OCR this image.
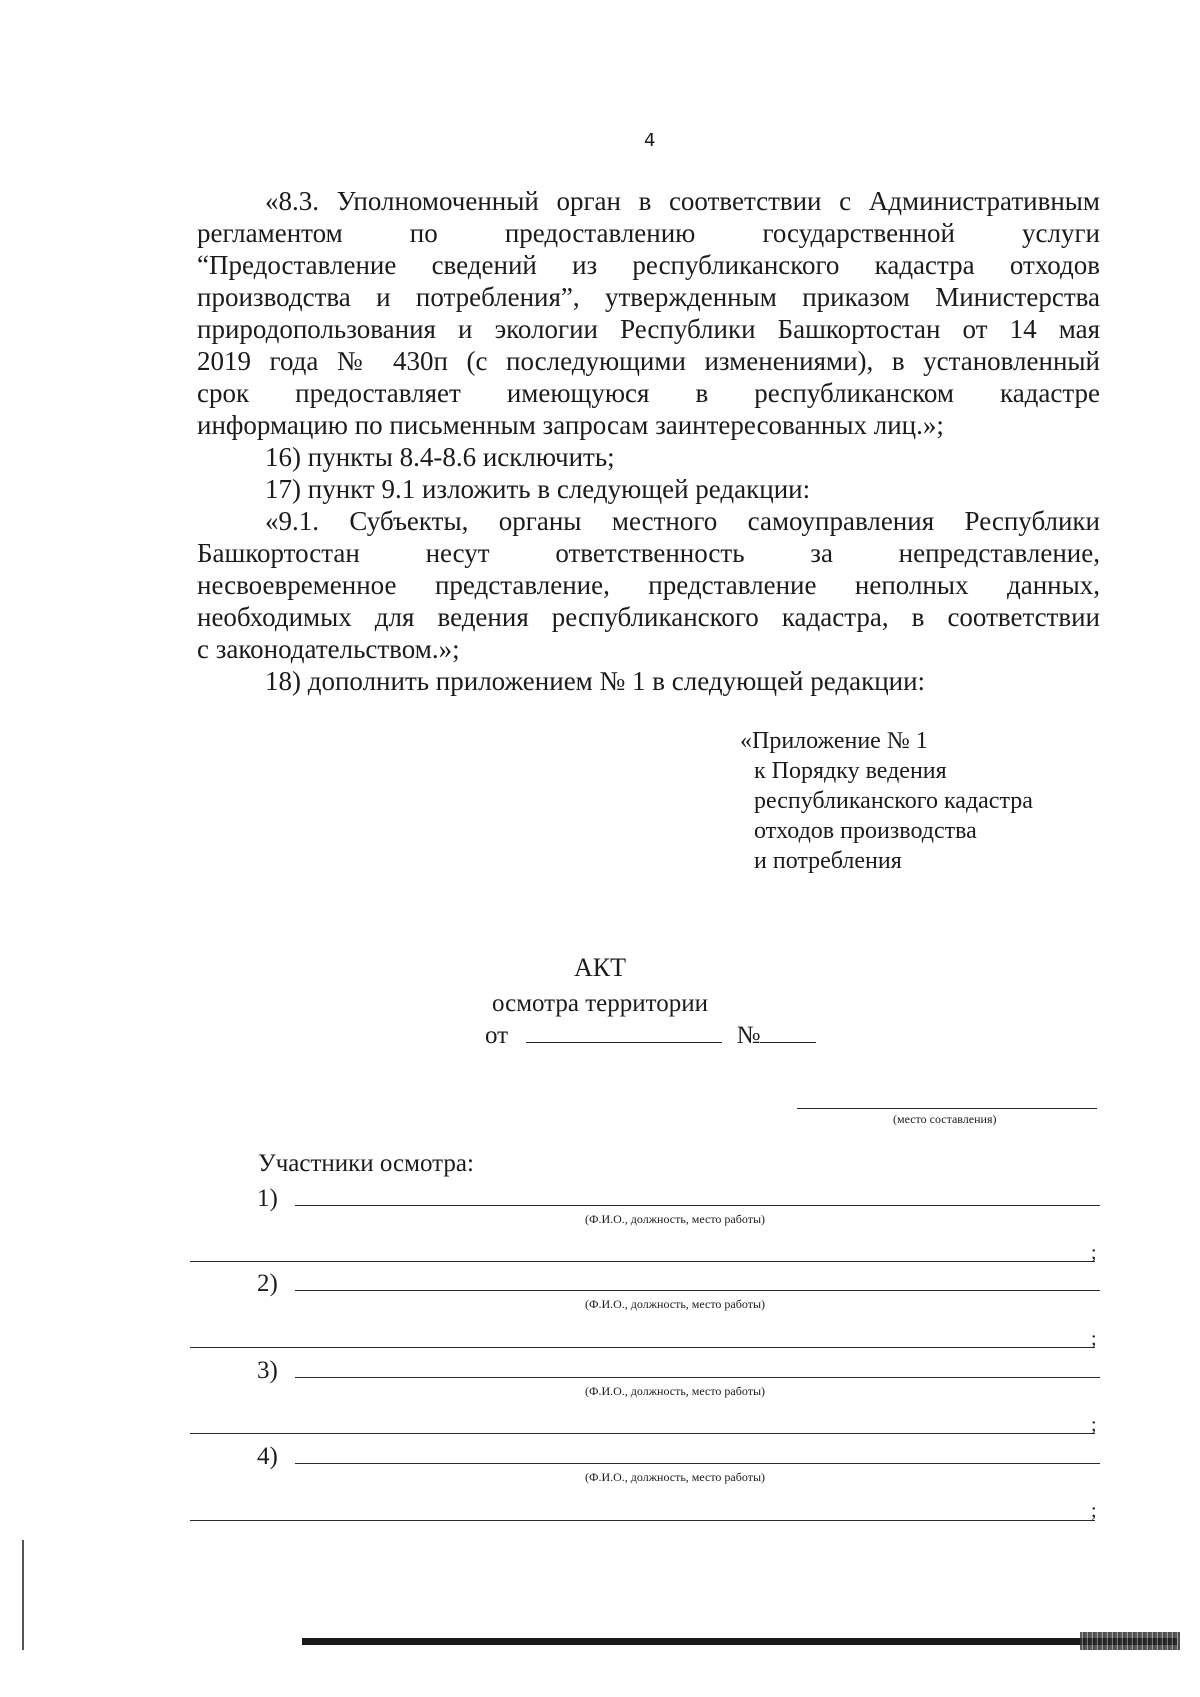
4
«8.3. Уполномоченный орган в соответствии с Административным
регламентом по предоставлению государственной услуги
“Предоставление сведений из республиканского кадастра отходов
производства и потребления”, утвержденным приказом Министерства
природопользования и экологии Республики Башкортостан от 14 мая
2019 года № 430п (с последующими изменениями), в установленный
срок предоставляет имеющуюся в республиканском кадастре
информацию по письменным запросам заинтересованных лиц.»;
16) пункты 8.4-8.6 исключить;
17) пункт 9.1 изложить в следующей редакции:
«9.1. Субъекты, органы местного самоуправления Республики
Башкортостан несут ответственность за непредставление,
несвоевременное представление, представление неполных данных,
необходимых для ведения республиканского кадастра, в соответствии
с законодательством.»;
18) дополнить приложением № 1 в следующей редакции:
«Приложение № 1
к Порядку ведения
республиканского кадастра
отходов производства
и потребления
АКТ
осмотра территории
от	№
(место составления)
Участники осмотра:
1)
(Ф.И.О., должность, место работы)
;
2)
(Ф.И.О., должность, место работы)
;
3)
(Ф.И.О., должность, место работы)
;
4)
(Ф.И.О., должность, место работы)
;
